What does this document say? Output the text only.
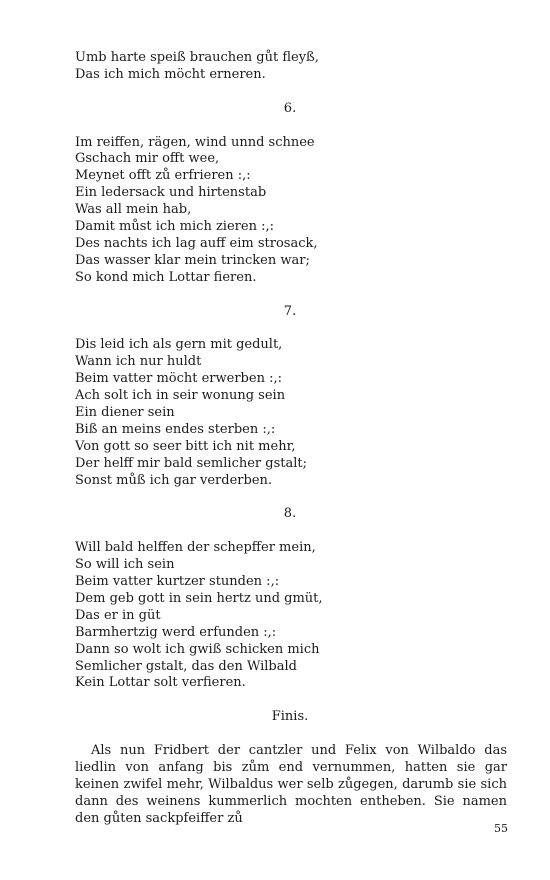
Umb harte speiß brauchen gůt fleyß,
Das ich mich möcht erneren.
6.
Im reiffen, rägen, wind unnd schnee
Gschach mir offt wee,
Meynet offt zů erfrieren :,:
Ein ledersack und hirtenstab
Was all mein hab,
Damit můst ich mich zieren :,:
Des nachts ich lag auff eim strosack,
Das wasser klar mein trincken war;
So kond mich Lottar fieren.
7.
Dis leid ich als gern mit gedult,
Wann ich nur huldt
Beim vatter möcht erwerben :,:
Ach solt ich in seir wonung sein
Ein diener sein
Biß an meins endes sterben :,:
Von gott so seer bitt ich nit mehr,
Der helff mir bald semlicher gstalt;
Sonst můß ich gar verderben.
8.
Will bald helffen der schepffer mein,
So will ich sein
Beim vatter kurtzer stunden :,:
Dem geb gott in sein hertz und gmüt,
Das er in güt
Barmhertzig werd erfunden :,:
Dann so wolt ich gwiß schicken mich
Semlicher gstalt, das den Wilbald
Kein Lottar solt verfieren.
Finis.
Als nun Fridbert der cantzler und Felix von Wilbaldo das liedlin von anfang bis zům end vernummen, hatten sie gar keinen zwifel mehr, Wilbaldus wer selb zůgegen, darumb sie sich dann des weinens kummerlich mochten entheben. Sie namen den gůten sackpfeiffer zů
55
